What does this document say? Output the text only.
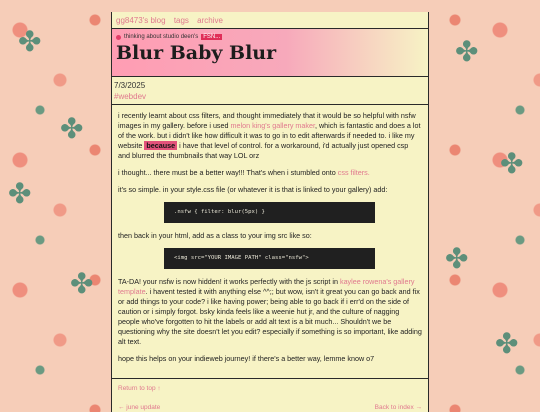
✤
✤
✤
✤
✤
✤
✤
✤
gg8473's blog tags archive
thinking about studio deen's FSN...
Blur Baby Blur
7/3/2025
#webdev

i recently learnt about css filters, and thought immediately that it would be so helpful with nsfw images in my gallery. before i used melon king's gallery maker, which is fantastic and does a lot of the work. but i didn't like how difficult it was to go in to edit afterwards if needed to. i like my website because i have that level of control. for a workaround, i'd actually just opened csp and blurred the thumbnails that way LOL orz

i thought... there must be a better way!!! That's when i stumbled onto css filters.

it's so simple. in your style.css file (or whatever it is that is linked to your gallery) add:

.nsfw { filter: blur(5px) }

then back in your html, add as a class to your img src like so:

<img src="YOUR IMAGE PATH" class="nsfw">

TA-DA! your nsfw is now hidden! it works perfectly with the js script in kaylee rowena's gallery template. i havent tested it with anything else ^^;; but wow, isn't it great you can go back and fix or add things to your code? i like having power; being able to go back if i err'd on the side of caution or i simply forgot. bsky kinda feels like a weenie hut jr, and the culture of nagging people who've forgotten to hit the labels or add alt text is a bit much... Shouldn't we be questioning why the site doesn't let you edit? especially if something is so important, like adding alt text.

hope this helps on your indieweb journey! if there's a better way, lemme know o7

Return to top ↑
← june update	Back to index →
